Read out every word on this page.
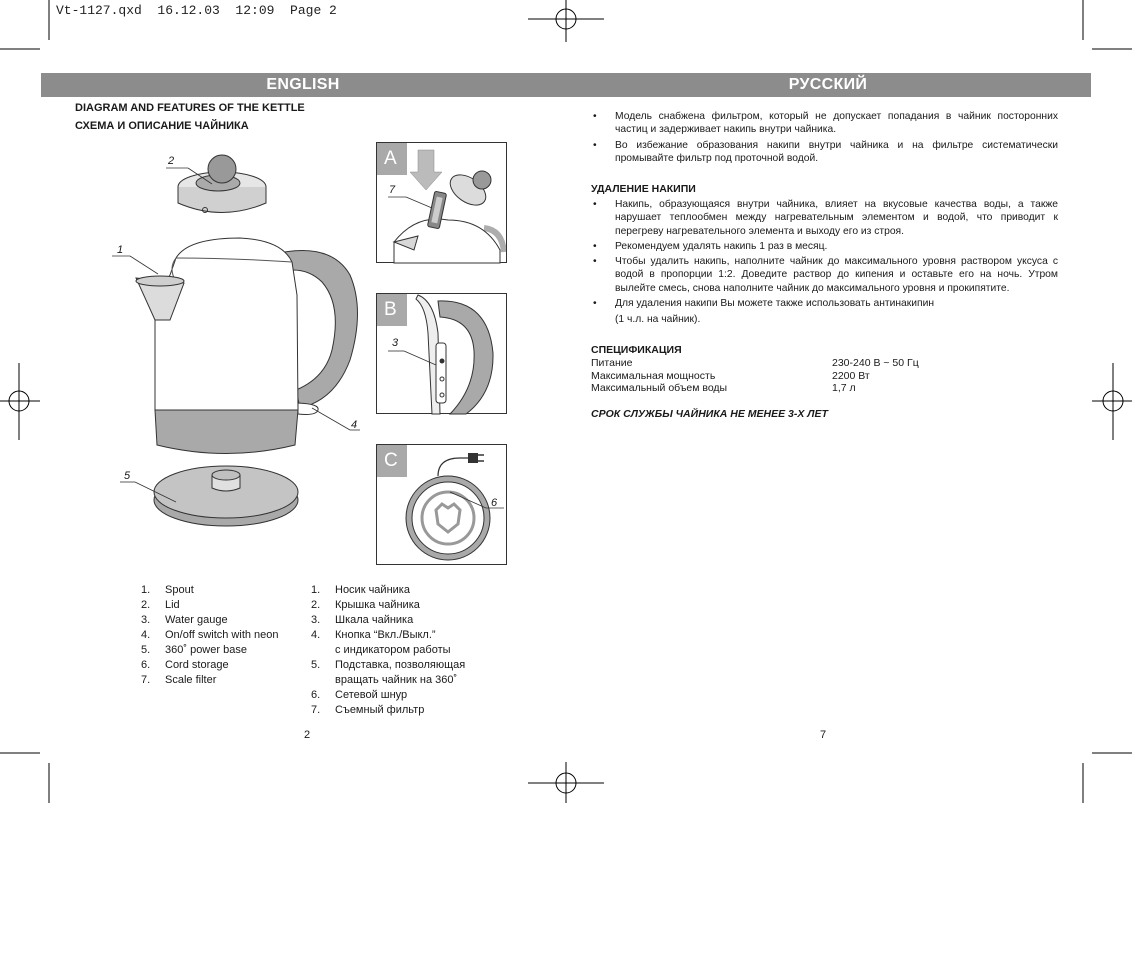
Vt-1127.qxd  16.12.03  12:09  Page 2
ENGLISH	РУССКИЙ
DIAGRAM AND FEATURES OF THE KETTLE
СХЕМА И ОПИСАНИЕ ЧАЙНИКА
2
1
4
5
A
7
B
3
C
6
1.	Spout
2.	Lid
3.	Water gauge
4.	On/off switch with neon
5.	360˚ power base
6.	Cord storage
7.	Scale filter
1.	Носик чайника
2.	Крышка чайника
3.	Шкала чайника
4.	Кнопка “Вкл./Выкл.”
с индикатором работы
5.	Подставка, позволяющая
вращать чайник на 360˚
6.	Сетевой шнур
7.	Съемный фильтр
2	7
• Модель снабжена фильтром, который не допускает попадания в чайник посторонних частиц и задерживает накипь внутри чайника.
• Во избежание образования накипи внутри чайника и на фильтре систематически промывайте фильтр под проточной водой.
УДАЛЕНИЕ НАКИПИ
• Накипь, образующаяся внутри чайника, влияет на вкусовые качества воды, а также нарушает теплообмен между нагревательным элементом и водой, что приводит к перегреву нагревательного элемента и выходу его из строя.
• Рекомендуем удалять накипь 1 раз в месяц.
• Чтобы удалить накипь, наполните чайник до максимального уровня раствором уксуса с водой в пропорции 1:2. Доведите раствор до кипения и оставьте его на ночь. Утром вылейте смесь, снова наполните чайник до максимального уровня и прокипятите.
• Для удаления накипи Вы можете также использовать антинакипин
(1 ч.л. на чайник).
СПЕЦИФИКАЦИЯ
Питание	230-240 В ~ 50 Гц
Максимальная мощность	2200 Вт
Максимальный объем воды	1,7 л
СРОК СЛУЖБЫ ЧАЙНИКА НЕ МЕНЕЕ 3-Х ЛЕТ
